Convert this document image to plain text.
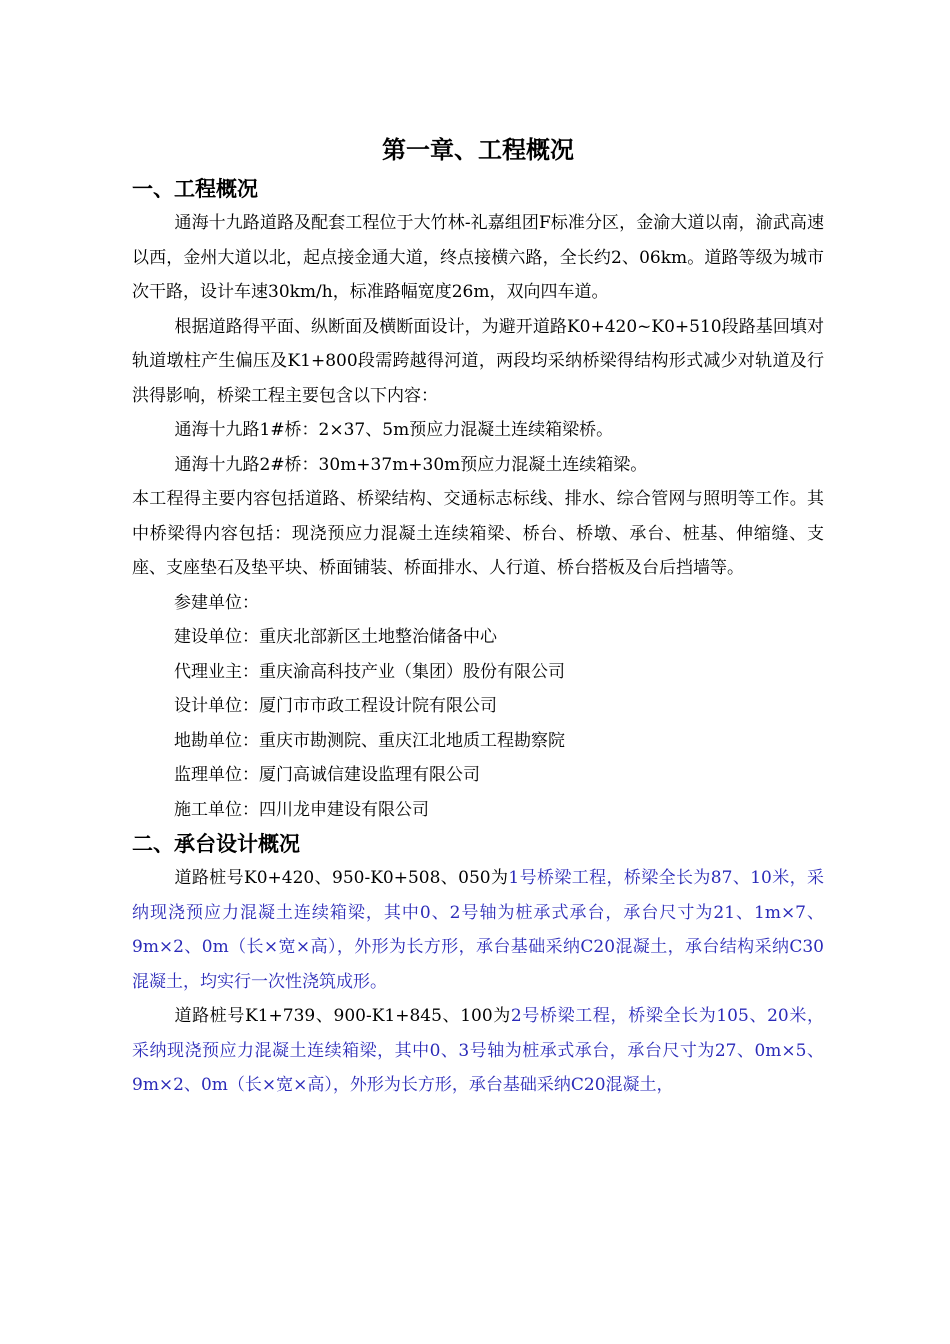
第一章、工程概况
一、工程概况

通海十九路道路及配套工程位于大竹林-礼嘉组团F标准分区，金渝大道以南，渝武高速以西，金州大道以北，起点接金通大道，终点接横六路，全长约2、06km。道路等级为城市次干路，设计车速30km/h，标准路幅宽度26m，双向四车道。

根据道路得平面、纵断面及横断面设计，为避开道路K0+420~K0+510段路基回填对轨道墩柱产生偏压及K1+800段需跨越得河道，两段均采纳桥梁得结构形式减少对轨道及行洪得影响，桥梁工程主要包含以下内容：

通海十九路1#桥：2×37、5m预应力混凝土连续箱梁桥。

通海十九路2#桥：30m+37m+30m预应力混凝土连续箱梁。

本工程得主要内容包括道路、桥梁结构、交通标志标线、排水、综合管网与照明等工作。其中桥梁得内容包括：现浇预应力混凝土连续箱梁、桥台、桥墩、承台、桩基、伸缩缝、支座、支座垫石及垫平块、桥面铺装、桥面排水、人行道、桥台搭板及台后挡墙等。

参建单位：

建设单位：重庆北部新区土地整治储备中心

代理业主：重庆渝高科技产业（集团）股份有限公司

设计单位：厦门市市政工程设计院有限公司

地勘单位：重庆市勘测院、重庆江北地质工程勘察院

监理单位：厦门高诚信建设监理有限公司

施工单位：四川龙申建设有限公司

二、承台设计概况

道路桩号K0+420、950-K0+508、050为1号桥梁工程，桥梁全长为87、10米，采纳现浇预应力混凝土连续箱梁，其中0、2号轴为桩承式承台，承台尺寸为21、1m×7、9m×2、0m（长×宽×高），外形为长方形，承台基础采纳C20混凝土，承台结构采纳C30混凝土，均实行一次性浇筑成形。

道路桩号K1+739、900-K1+845、100为2号桥梁工程，桥梁全长为105、20米，采纳现浇预应力混凝土连续箱梁，其中0、3号轴为桩承式承台，承台尺寸为27、0m×5、9m×2、0m（长×宽×高），外形为长方形，承台基础采纳C20混凝土，
